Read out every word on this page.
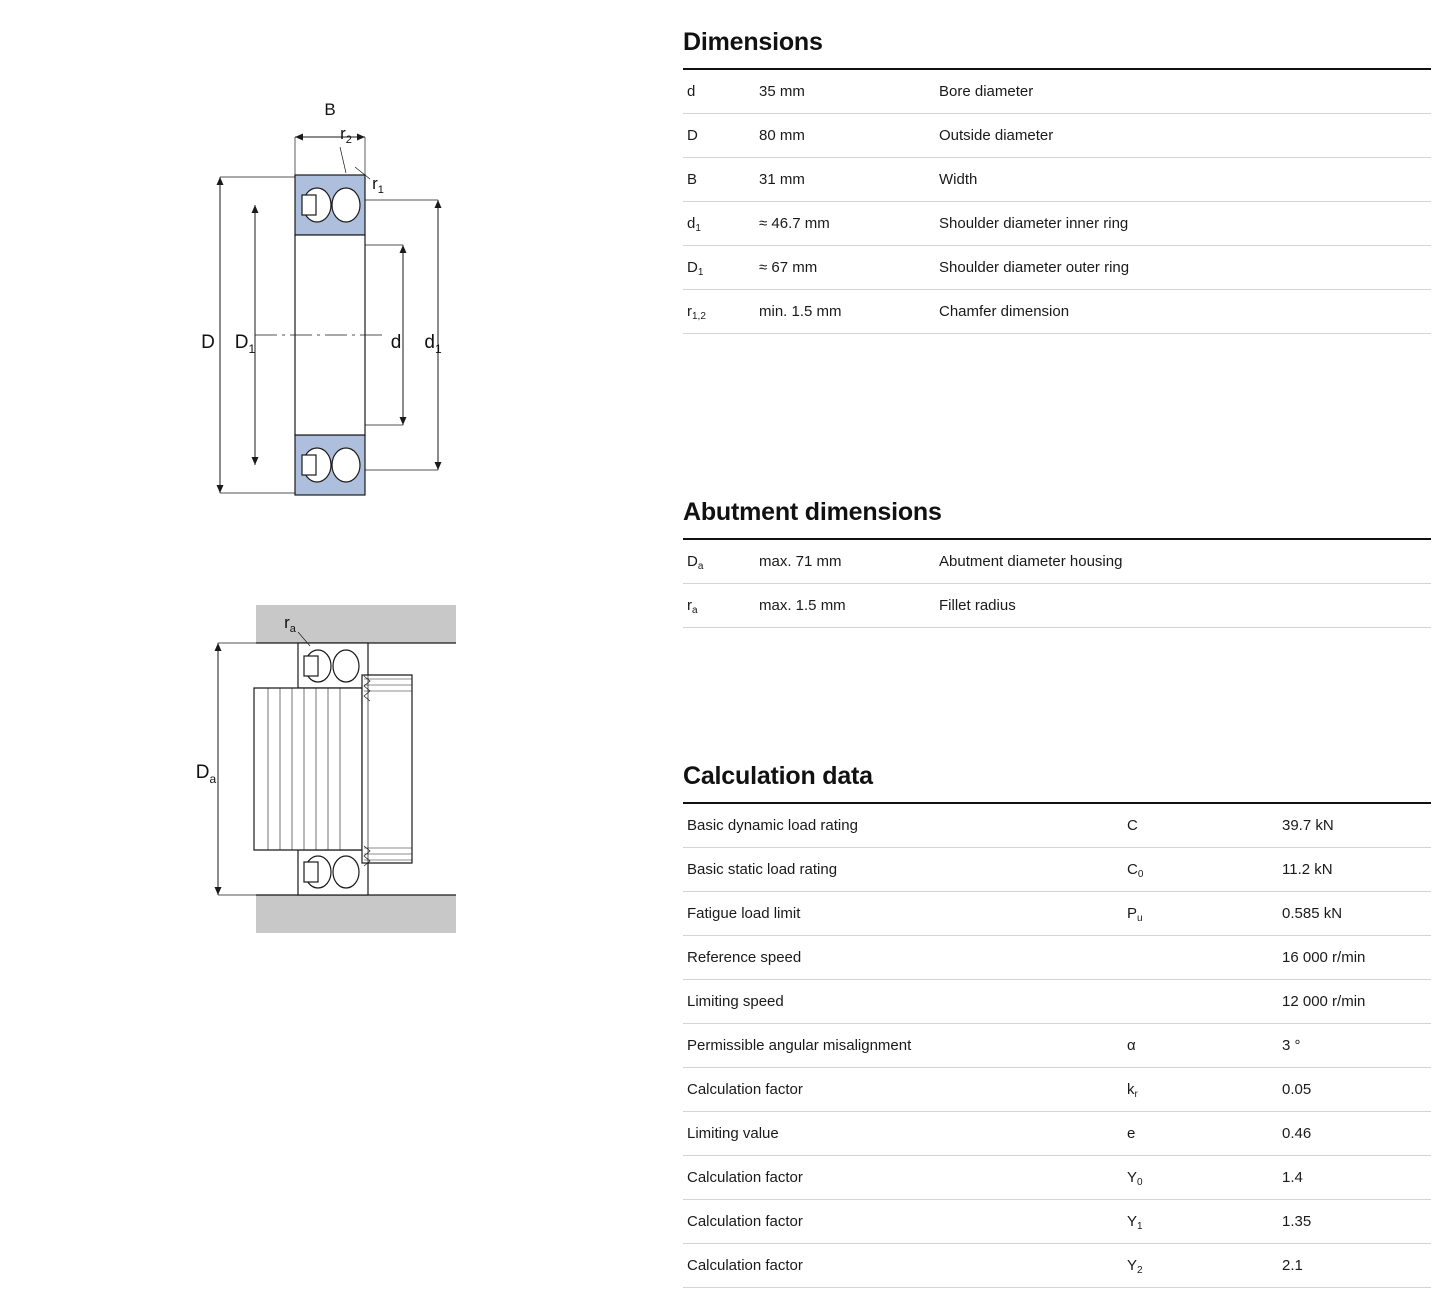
B
$r_2$
$r_1$
D $D_1$	d $d_1$
$r_a$
$D_a$
Dimensions
d	35 mm	Bore diameter
D	80 mm	Outside diameter
B	31 mm	Width
$d_1$	≈ 46.7 mm	Shoulder diameter inner ring
$D_1$	≈ 67 mm	Shoulder diameter outer ring
$r_{1,2}$	min. 1.5 mm	Chamfer dimension
Abutment dimensions
$D_a$	max. 71 mm	Abutment diameter housing
$r_a$	max. 1.5 mm	Fillet radius
Calculation data
Basic dynamic load rating	C	39.7 kN
Basic static load rating	$C_0$	11.2 kN
Fatigue load limit	$P_u$	0.585 kN
Reference speed		16 000 r/min
Limiting speed		12 000 r/min
Permissible angular misalignment	α	3 °
Calculation factor	$k_r$	0.05
Limiting value	e	0.46
Calculation factor	$Y_0$	1.4
Calculation factor	$Y_1$	1.35
Calculation factor	$Y_2$	2.1
